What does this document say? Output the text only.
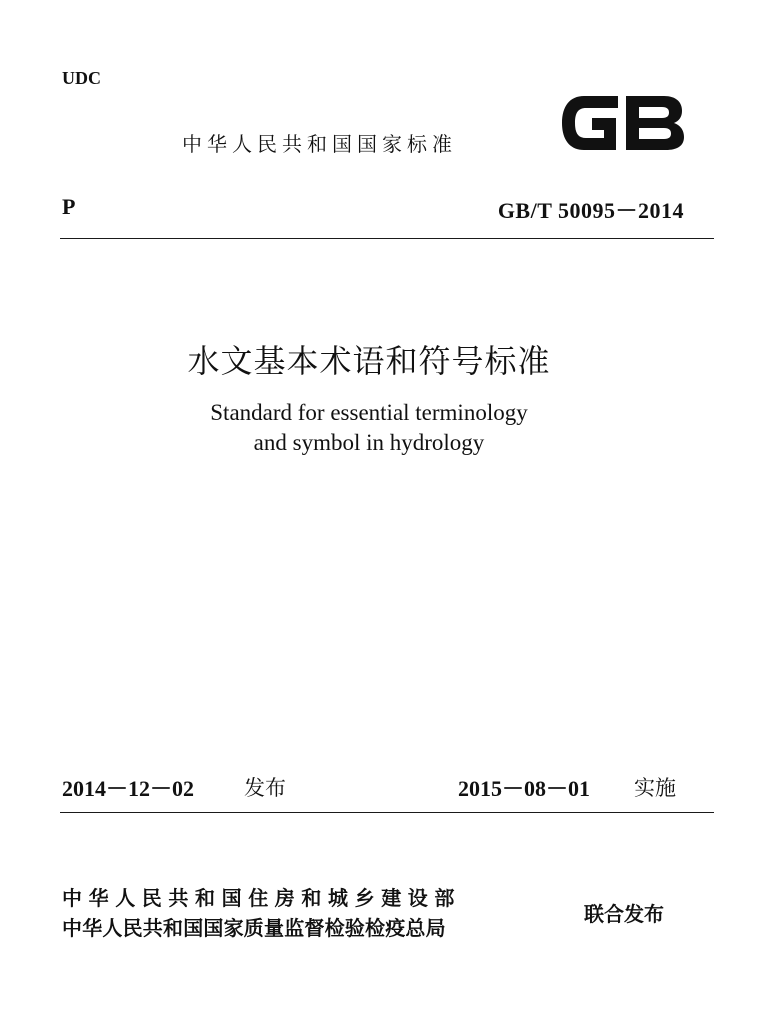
UDC
中华人民共和国国家标准
GB
P	GB/T 50095－2014
水文基本术语和符号标准
Standard for essential terminology
and symbol in hydrology
2014－12－02 发布	2015－08－01 实施
中华人民共和国住房和城乡建设部
中华人民共和国国家质量监督检验检疫总局
联合发布
